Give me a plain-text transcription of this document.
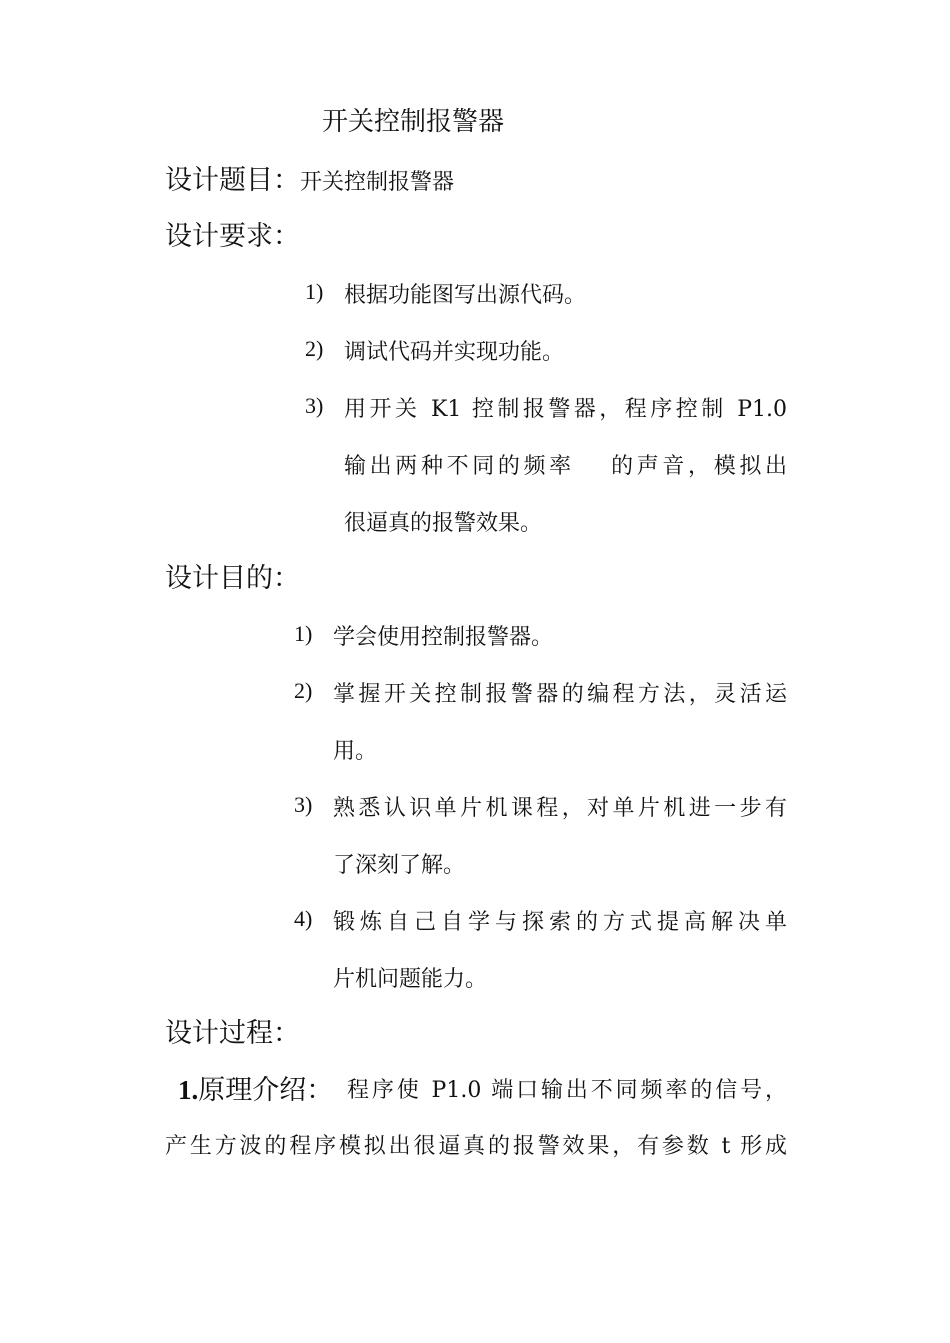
开关控制报警器
设计题目：开关控制报警器
设计要求：
1) 根据功能图写出源代码。
2) 调试代码并实现功能。
3) 用开关 K1 控制报警器，程序控制 P1.0
输出两种不同的频率　 的声音，模拟出
很逼真的报警效果。
设计目的：
1) 学会使用控制报警器。
2) 掌握开关控制报警器的编程方法，灵活运
用。
3) 熟悉认识单片机课程，对单片机进一步有
了深刻了解。
4) 锻炼自己自学与探索的方式提高解决单
片机问题能力。
设计过程：
1.原理介绍： 程序使 P1.0 端口输出不同频率的信号，
产生方波的程序模拟出很逼真的报警效果，有参数 t 形成
